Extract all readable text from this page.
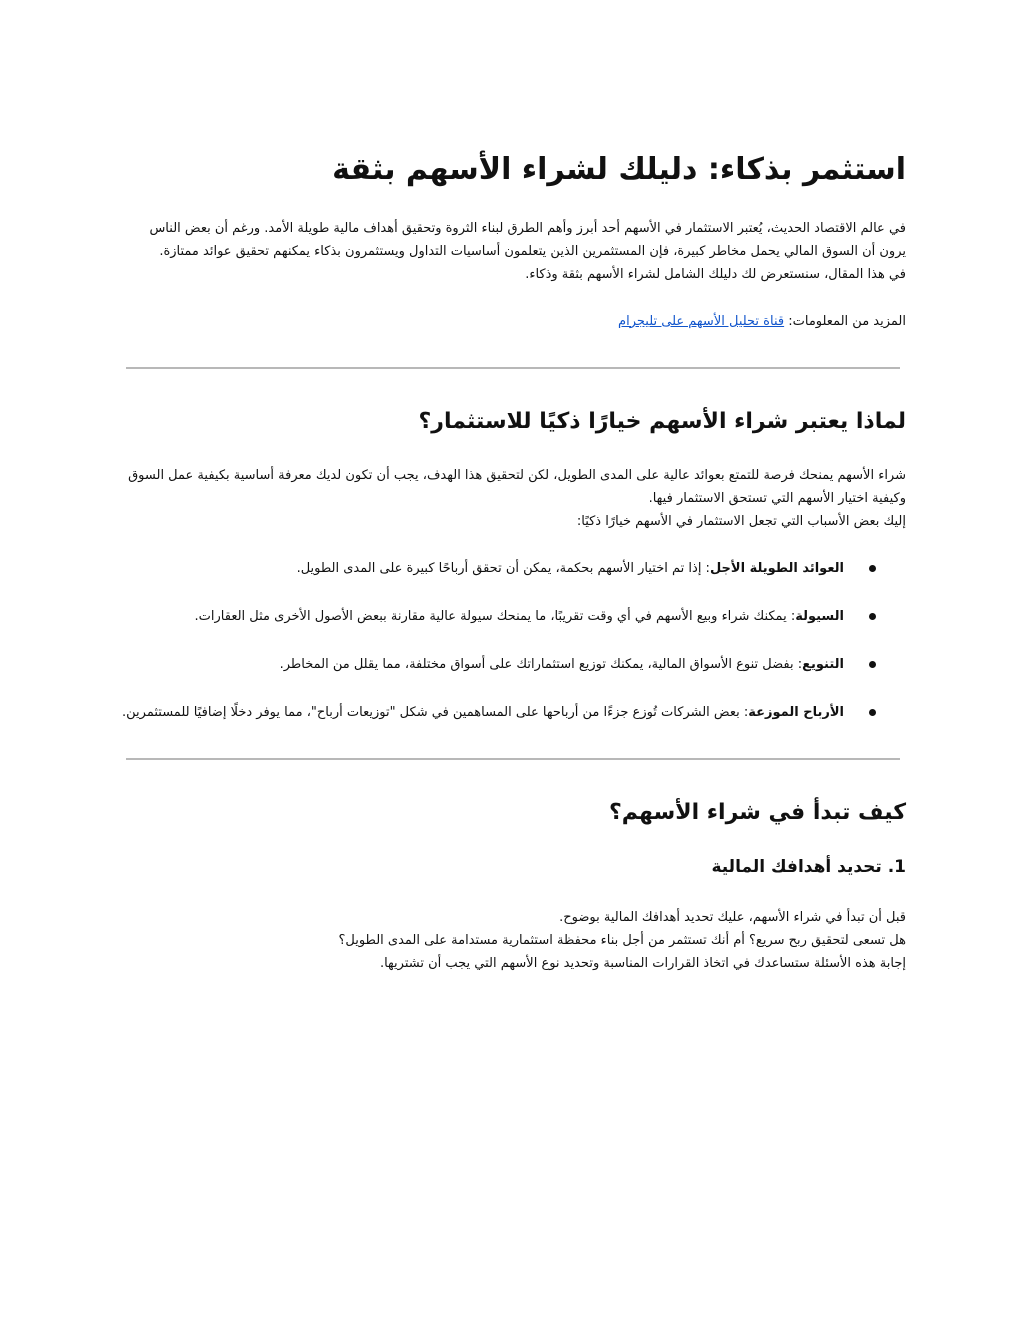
استثمر بذكاء: دليلك لشراء الأسهم بثقة

في عالم الاقتصاد الحديث، يُعتبر الاستثمار في الأسهم أحد أبرز وأهم الطرق لبناء الثروة وتحقيق أهداف مالية طويلة الأمد. ورغم أن بعض الناس يرون أن السوق المالي يحمل مخاطر كبيرة، فإن المستثمرين الذين يتعلمون أساسيات التداول ويستثمرون بذكاء يمكنهم تحقيق عوائد ممتازة.

في هذا المقال، سنستعرض لك دليلك الشامل لشراء الأسهم بثقة وذكاء.

المزيد من المعلومات: قناة تحليل الأسهم على تليجرام

لماذا يعتبر شراء الأسهم خيارًا ذكيًا للاستثمار؟

شراء الأسهم يمنحك فرصة للتمتع بعوائد عالية على المدى الطويل، لكن لتحقيق هذا الهدف، يجب أن تكون لديك معرفة أساسية بكيفية عمل السوق وكيفية اختيار الأسهم التي تستحق الاستثمار فيها.

إليك بعض الأسباب التي تجعل الاستثمار في الأسهم خيارًا ذكيًا:

العوائد الطويلة الأجل: إذا تم اختيار الأسهم بحكمة، يمكن أن تحقق أرباحًا كبيرة على المدى الطويل.
السيولة: يمكنك شراء وبيع الأسهم في أي وقت تقريبًا، ما يمنحك سيولة عالية مقارنة ببعض الأصول الأخرى مثل العقارات.
التنويع: بفضل تنوع الأسواق المالية، يمكنك توزيع استثماراتك على أسواق مختلفة، مما يقلل من المخاطر.
الأرباح الموزعة: بعض الشركات تُوزع جزءًا من أرباحها على المساهمين في شكل "توزيعات أرباح"، مما يوفر دخلًا إضافيًا للمستثمرين.
كيف تبدأ في شراء الأسهم؟
1. تحديد أهدافك المالية

قبل أن تبدأ في شراء الأسهم، عليك تحديد أهدافك المالية بوضوح.

هل تسعى لتحقيق ربح سريع؟ أم أنك تستثمر من أجل بناء محفظة استثمارية مستدامة على المدى الطويل؟

إجابة هذه الأسئلة ستساعدك في اتخاذ القرارات المناسبة وتحديد نوع الأسهم التي يجب أن تشتريها.
